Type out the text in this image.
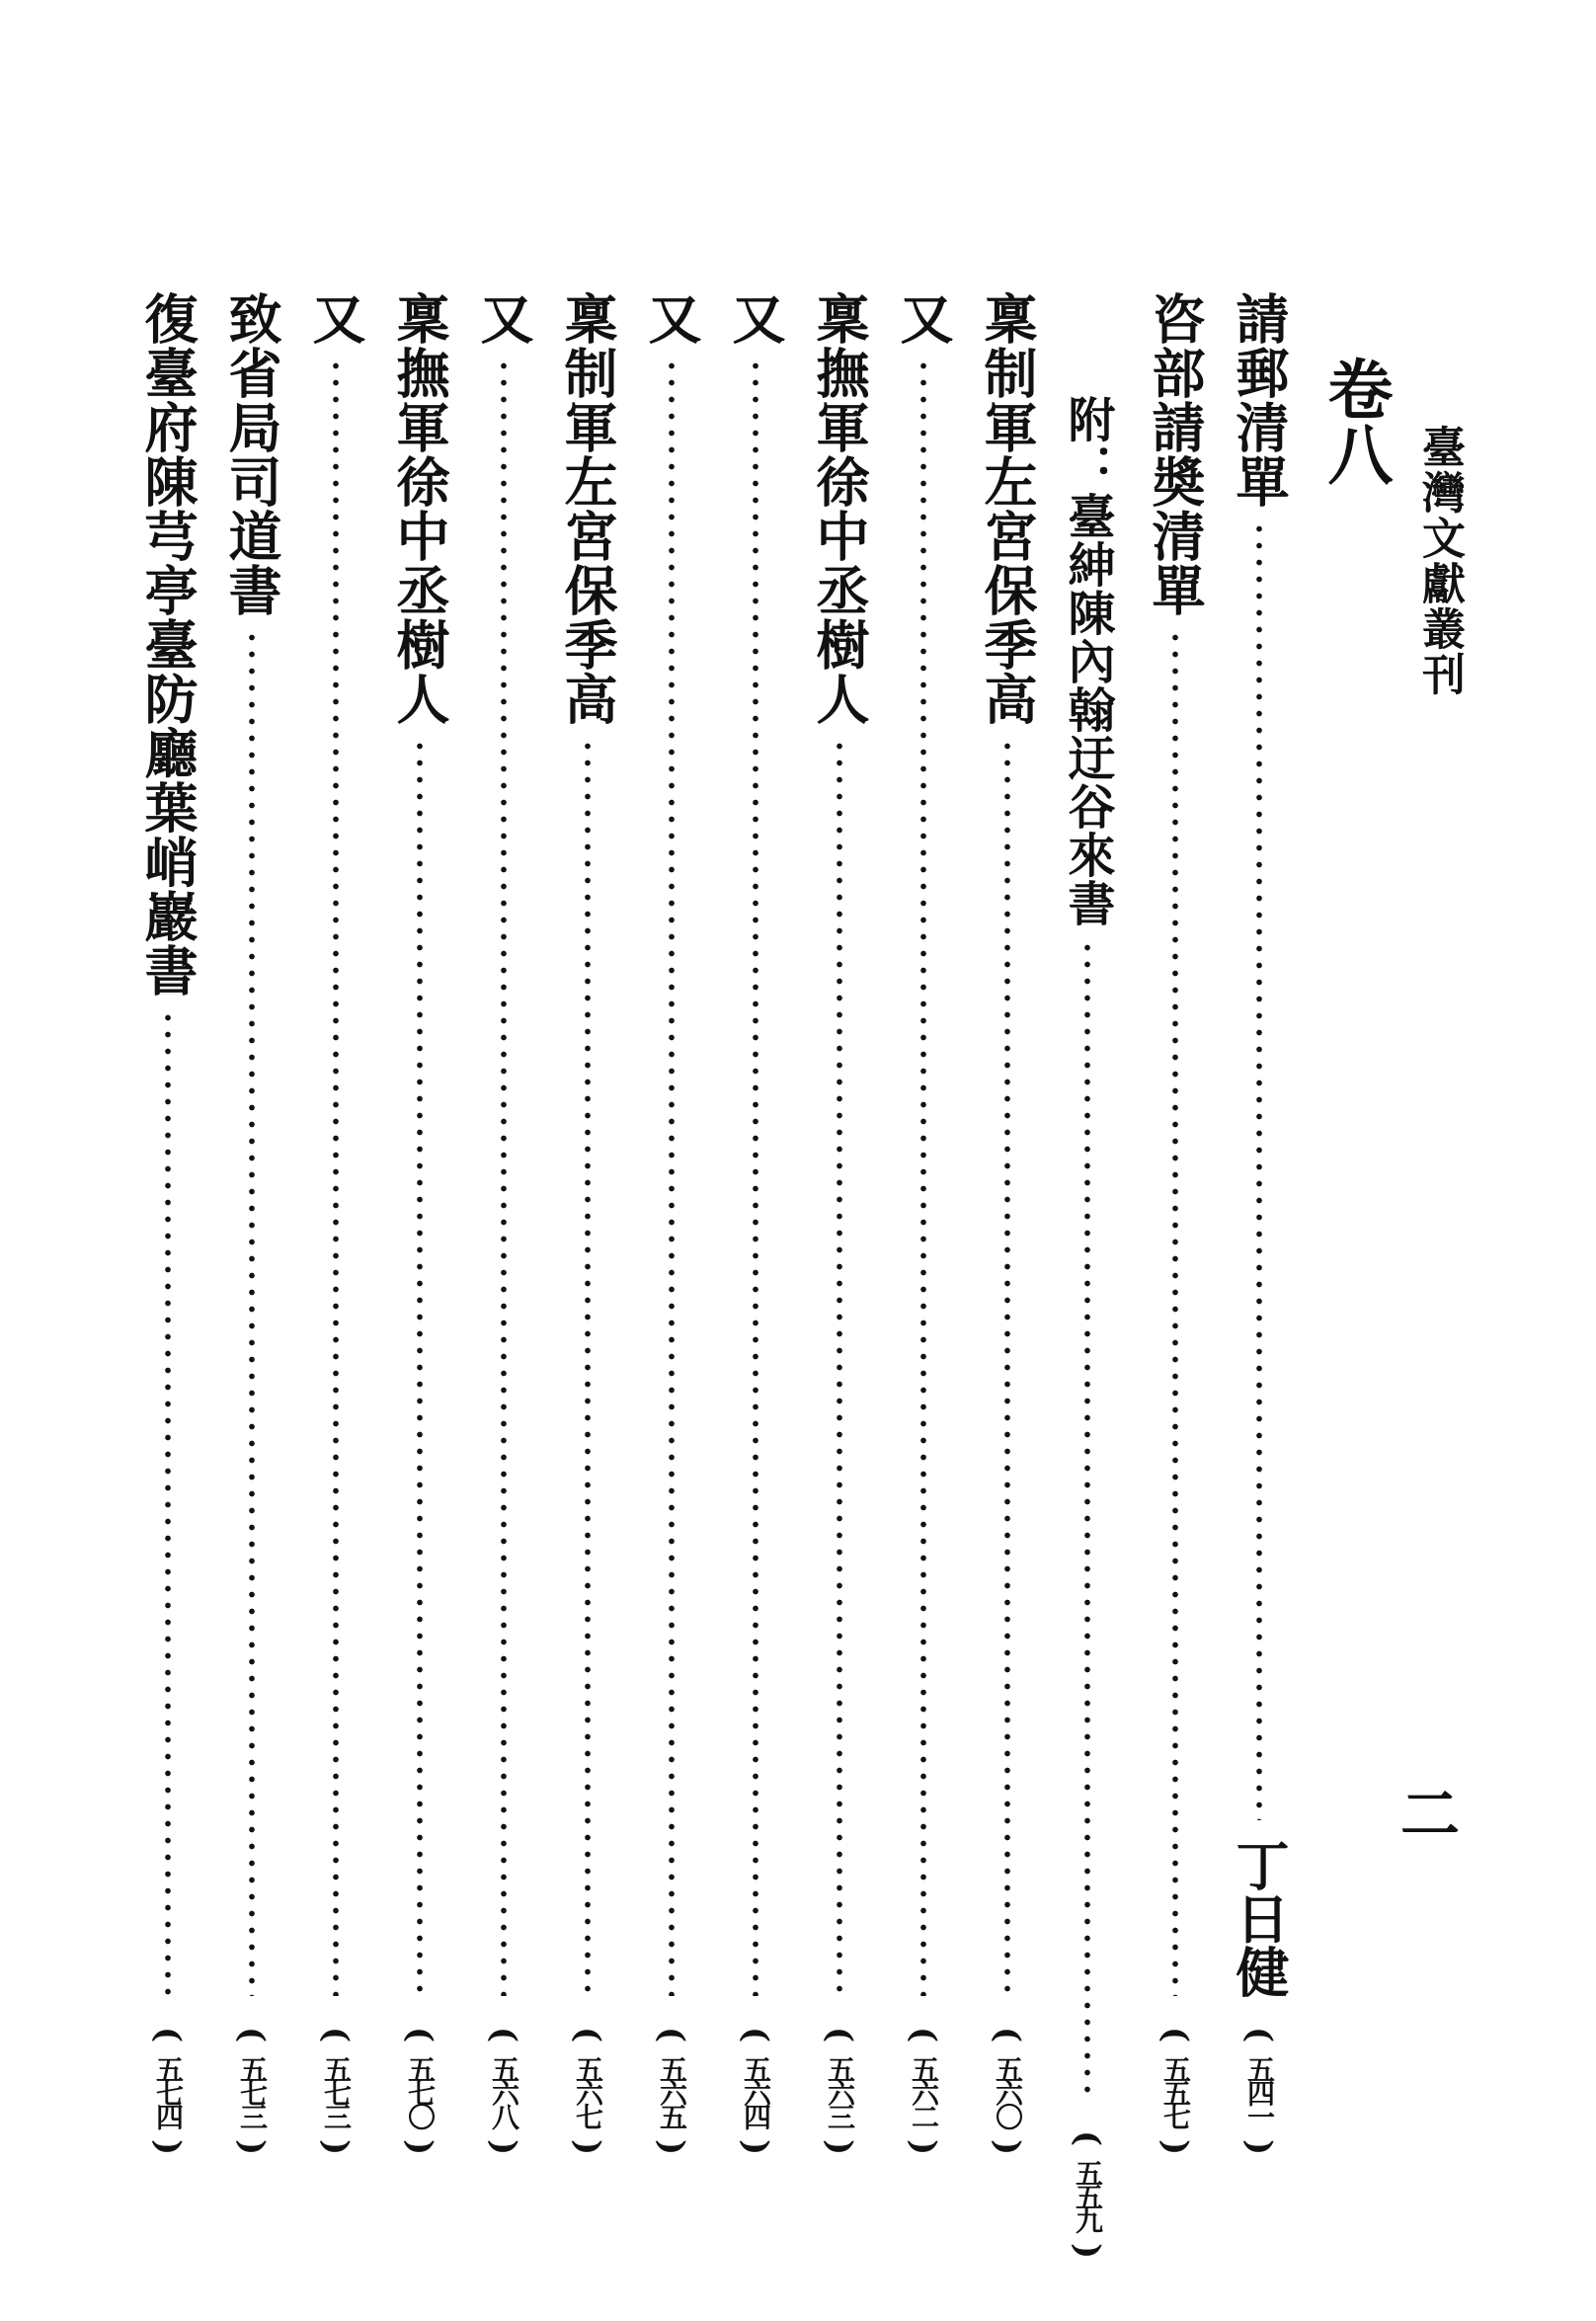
臺灣文獻叢刊
二
卷八
請郵清單
丁日健
(
五四一
)
咨部請奬清單
(
五五七
)
附：臺紳陳內翰迂谷來書
(
五五九
)
稟制軍左宮保季高
(
五六〇
)
又
(
五六二
)
稟撫軍徐中丞樹人
(
五六三
)
又
(
五六四
)
又
(
五六五
)
稟制軍左宮保季高
(
五六七
)
又
(
五六八
)
稟撫軍徐中丞樹人
(
五七〇
)
又
(
五七三
)
致省局司道書
(
五七三
)
復臺府陳芎亭臺防廳葉峭巖書
(
五七四
)
